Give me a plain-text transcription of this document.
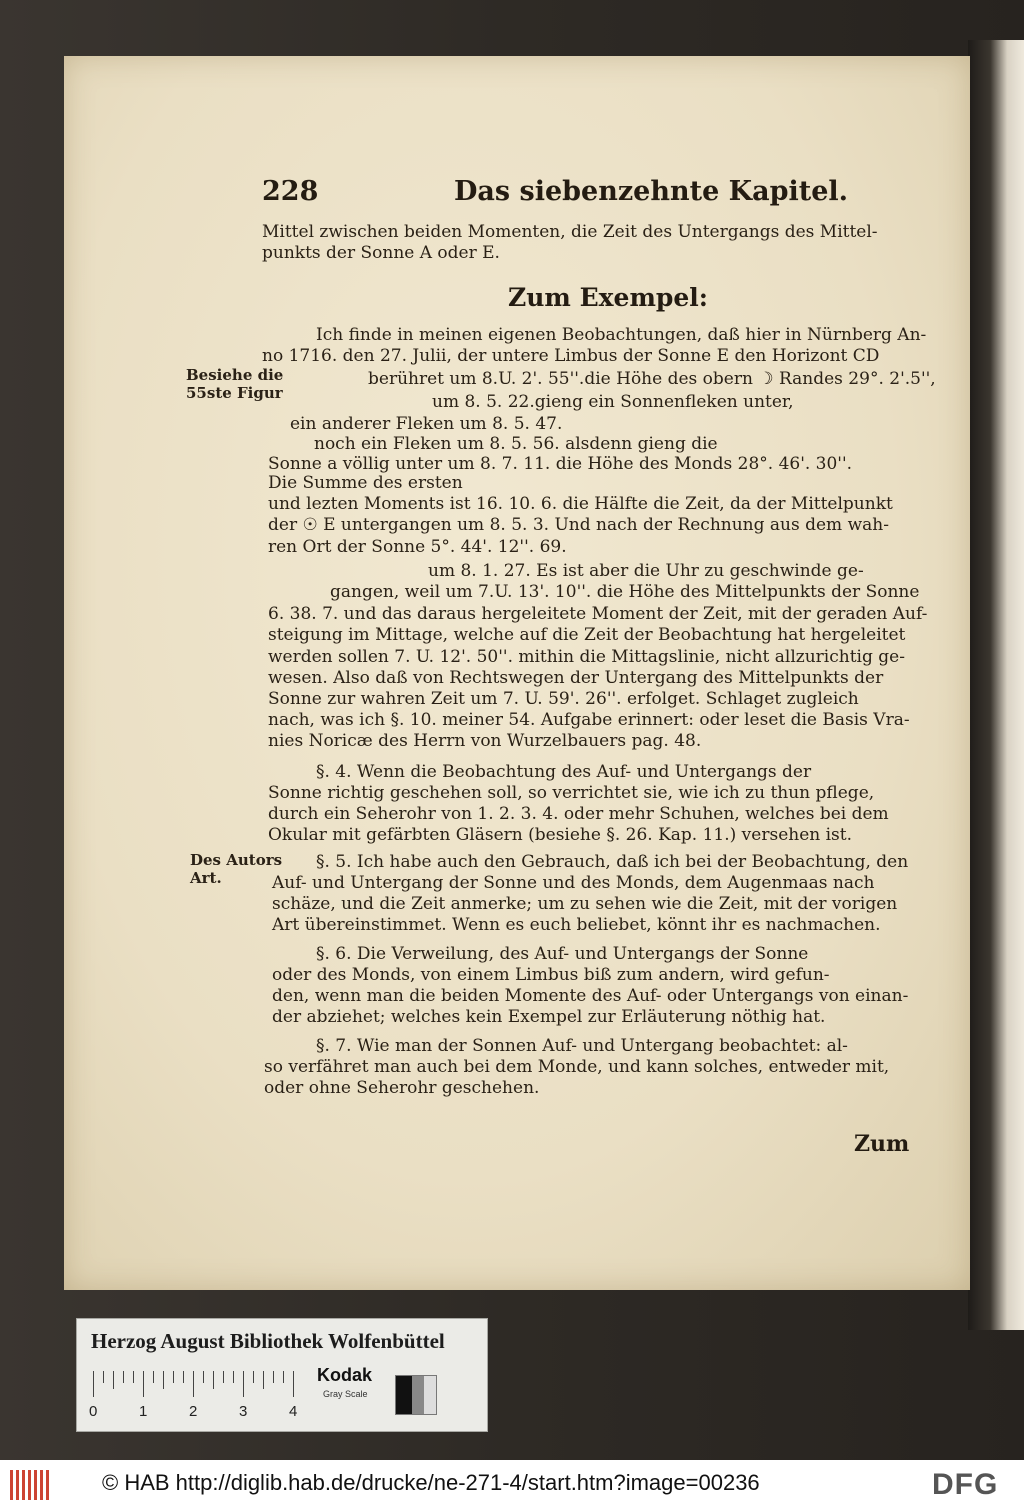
228	Das siebenzehnte Kapitel.
Mittel zwischen beiden Momenten, die Zeit des Untergangs des Mittel-
punkts der Sonne A oder E.
Zum Exempel:
Besiehe die
55ste Figur
Des Autors
Art.
Ich finde in meinen eigenen Beobachtungen, daß hier in Nürnberg An-
no 1716. den 27. Julii, der untere Limbus der Sonne E den Horizont CD
berühret um 8.U. 2'. 55''.die Höhe des obern ☽ Randes 29°. 2'.5'',
um 8. 5. 22.gieng ein Sonnenfleken unter,
ein anderer Fleken um 8. 5. 47.
noch ein Fleken um 8. 5. 56. alsdenn gieng die
Sonne a völlig unter um 8. 7. 11. die Höhe des Monds 28°. 46'. 30''.
Die Summe des ersten
und lezten Moments ist 16. 10. 6. die Hälfte die Zeit, da der Mittelpunkt
der ☉ E untergangen um 8. 5. 3. Und nach der Rechnung aus dem wah-
ren Ort der Sonne 5°. 44'. 12''. 69.
um 8. 1. 27. Es ist aber die Uhr zu geschwinde ge-
gangen, weil um 7.U. 13'. 10''. die Höhe des Mittelpunkts der Sonne
6. 38. 7. und das daraus hergeleitete Moment der Zeit, mit der geraden Auf-
steigung im Mittage, welche auf die Zeit der Beobachtung hat hergeleitet
werden sollen 7. U. 12'. 50''. mithin die Mittagslinie, nicht allzurichtig ge-
wesen. Also daß von Rechtswegen der Untergang des Mittelpunkts der
Sonne zur wahren Zeit um 7. U. 59'. 26''. erfolget. Schlaget zugleich
nach, was ich §. 10. meiner 54. Aufgabe erinnert: oder leset die Basis Vra-
nies Noricæ des Herrn von Wurzelbauers pag. 48.
§. 4. Wenn die Beobachtung des Auf- und Untergangs der
Sonne richtig geschehen soll, so verrichtet sie, wie ich zu thun pflege,
durch ein Seherohr von 1. 2. 3. 4. oder mehr Schuhen, welches bei dem
Okular mit gefärbten Gläsern (besiehe §. 26. Kap. 11.) versehen ist.
§. 5. Ich habe auch den Gebrauch, daß ich bei der Beobachtung, den
Auf- und Untergang der Sonne und des Monds, dem Augenmaas nach
schäze, und die Zeit anmerke; um zu sehen wie die Zeit, mit der vorigen
Art übereinstimmet. Wenn es euch beliebet, könnt ihr es nachmachen.
§. 6. Die Verweilung, des Auf- und Untergangs der Sonne
oder des Monds, von einem Limbus biß zum andern, wird gefun-
den, wenn man die beiden Momente des Auf- oder Untergangs von einan-
der abziehet; welches kein Exempel zur Erläuterung nöthig hat.
§. 7. Wie man der Sonnen Auf- und Untergang beobachtet: al-
so verfähret man auch bei dem Monde, und kann solches, entweder mit,
oder ohne Seherohr geschehen.
Zum
Herzog August Bibliothek Wolfenbüttel
0	1	2	3	4
Kodak
Gray Scale
© HAB http://diglib.hab.de/drucke/ne-271-4/start.htm?image=00236	DFG
